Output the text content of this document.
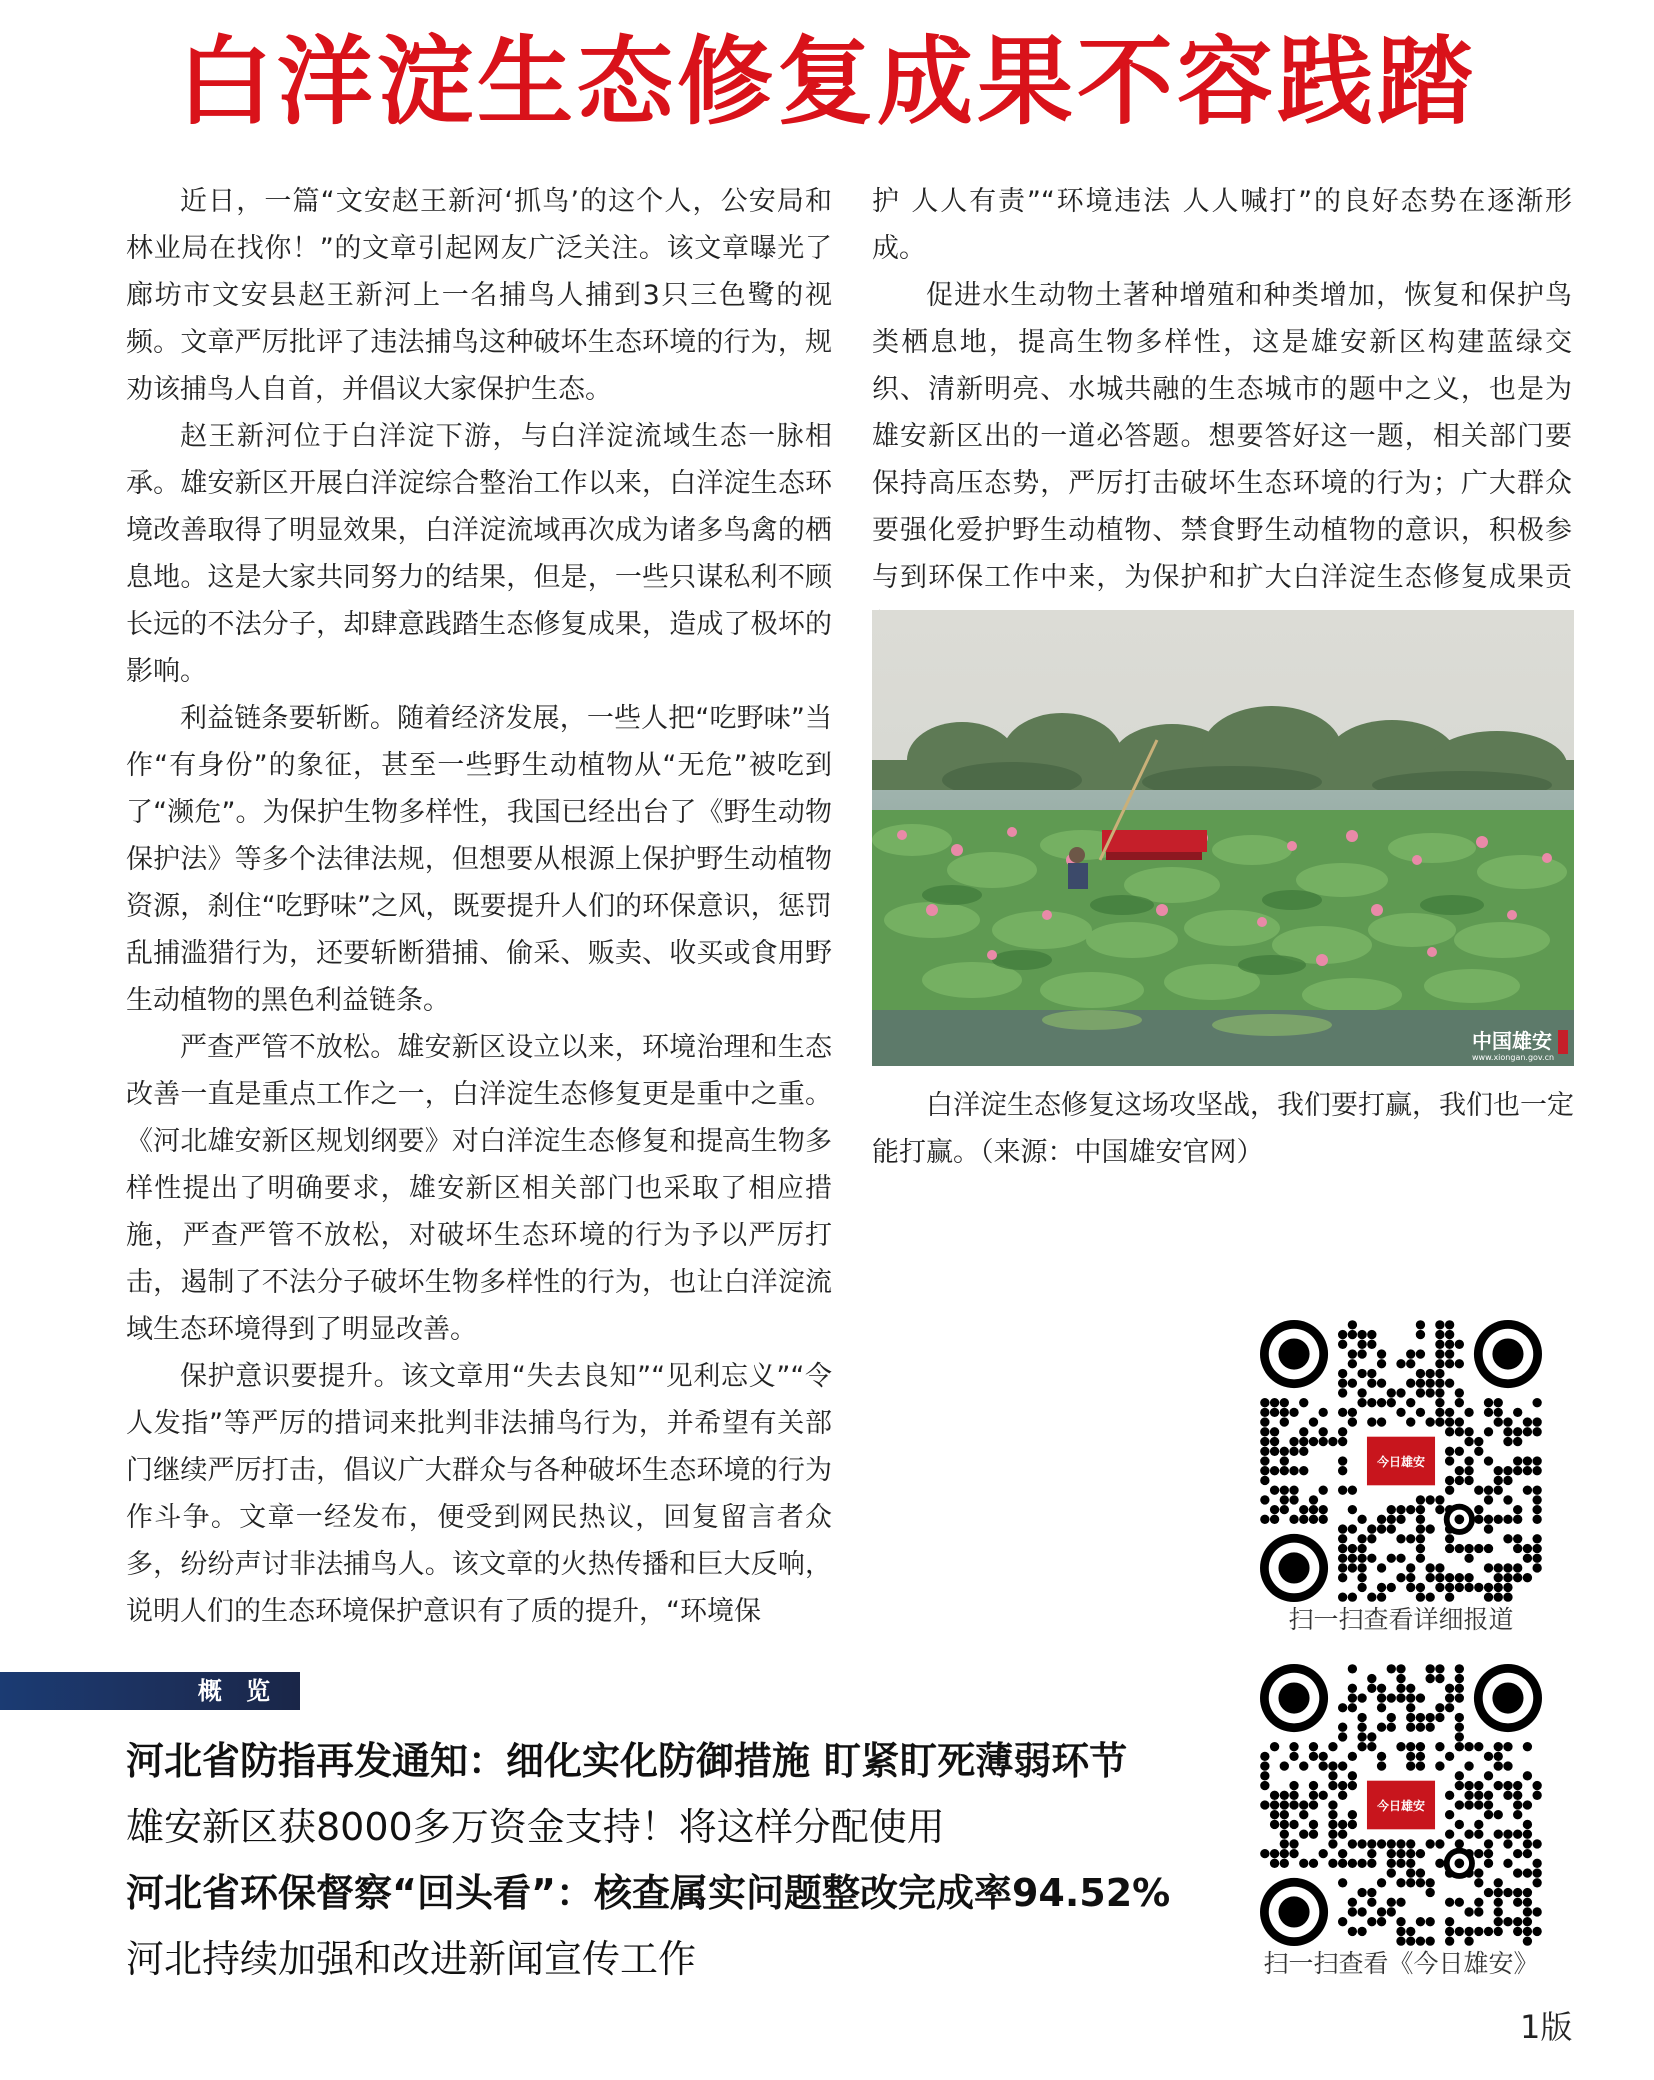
白洋淀生态修复成果不容践踏

近日，一篇“文安赵王新河‘抓鸟’的这个人，公安局和林业局在找你！”的文章引起网友广泛关注。该文章曝光了廊坊市文安县赵王新河上一名捕鸟人捕到3只三色鹭的视频。文章严厉批评了违法捕鸟这种破坏生态环境的行为，规劝该捕鸟人自首，并倡议大家保护生态。

赵王新河位于白洋淀下游，与白洋淀流域生态一脉相承。雄安新区开展白洋淀综合整治工作以来，白洋淀生态环境改善取得了明显效果，白洋淀流域再次成为诸多鸟禽的栖息地。这是大家共同努力的结果，但是，一些只谋私利不顾长远的不法分子，却肆意践踏生态修复成果，造成了极坏的影响。

利益链条要斩断。随着经济发展，一些人把“吃野味”当作“有身份”的象征，甚至一些野生动植物从“无危”被吃到了“濒危”。为保护生物多样性，我国已经出台了《野生动物保护法》等多个法律法规，但想要从根源上保护野生动植物资源，刹住“吃野味”之风，既要提升人们的环保意识，惩罚乱捕滥猎行为，还要斩断猎捕、偷采、贩卖、收买或食用野生动植物的黑色利益链条。

严查严管不放松。雄安新区设立以来，环境治理和生态改善一直是重点工作之一，白洋淀生态修复更是重中之重。《河北雄安新区规划纲要》对白洋淀生态修复和提高生物多样性提出了明确要求，雄安新区相关部门也采取了相应措施，严查严管不放松，对破坏生态环境的行为予以严厉打击，遏制了不法分子破坏生物多样性的行为，也让白洋淀流域生态环境得到了明显改善。

保护意识要提升。该文章用“失去良知”“见利忘义”“令人发指”等严厉的措词来批判非法捕鸟行为，并希望有关部门继续严厉打击，倡议广大群众与各种破坏生态环境的行为作斗争。文章一经发布，便受到网民热议，回复留言者众多，纷纷声讨非法捕鸟人。该文章的火热传播和巨大反响，说明人们的生态环境保护意识有了质的提升，“环境保

护 人人有责”“环境违法 人人喊打”的良好态势在逐渐形成。

促进水生动物土著种增殖和种类增加，恢复和保护鸟类栖息地，提高生物多样性，这是雄安新区构建蓝绿交织、清新明亮、水城共融的生态城市的题中之义，也是为雄安新区出的一道必答题。想要答好这一题，相关部门要保持高压态势，严厉打击破坏生态环境的行为；广大群众要强化爱护野生动植物、禁食野生动植物的意识，积极参与到环保工作中来，为保护和扩大白洋淀生态修复成果贡

中国雄安
www.xiongan.gov.cn

白洋淀生态修复这场攻坚战，我们要打赢，我们也一定能打赢。（来源：中国雄安官网）

今日雄安
扫一扫查看详细报道
今日雄安
扫一扫查看《今日雄安》
概 览
河北省防指再发通知：细化实化防御措施 盯紧盯死薄弱环节
雄安新区获8000多万资金支持！将这样分配使用
河北省环保督察“回头看”：核查属实问题整改完成率94.52%
河北持续加强和改进新闻宣传工作
1版
